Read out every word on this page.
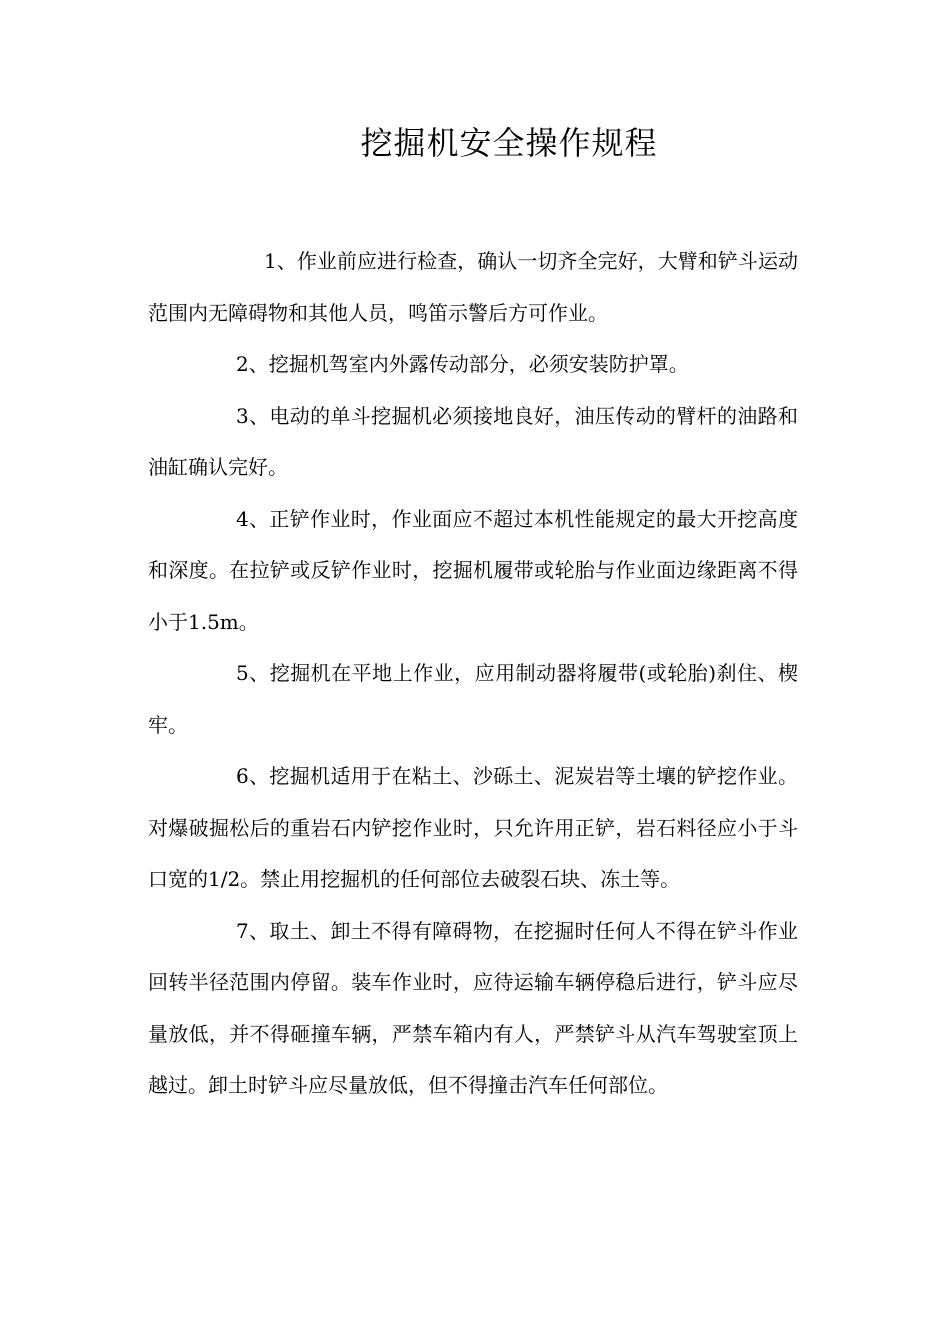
挖掘机安全操作规程

1、作业前应进行检查，确认一切齐全完好，大臂和铲斗运动范围内无障碍物和其他人员，鸣笛示警后方可作业。

2、挖掘机驾室内外露传动部分，必须安装防护罩。

3、电动的单斗挖掘机必须接地良好，油压传动的臂杆的油路和油缸确认完好。

4、正铲作业时，作业面应不超过本机性能规定的最大开挖高度和深度。在拉铲或反铲作业时，挖掘机履带或轮胎与作业面边缘距离不得小于1.5m。

5、挖掘机在平地上作业，应用制动器将履带(或轮胎)刹住、楔牢。

6、挖掘机适用于在粘土、沙砾土、泥炭岩等土壤的铲挖作业。对爆破掘松后的重岩石内铲挖作业时，只允许用正铲，岩石料径应小于斗口宽的1/2。禁止用挖掘机的任何部位去破裂石块、冻土等。

7、取土、卸土不得有障碍物，在挖掘时任何人不得在铲斗作业回转半径范围内停留。装车作业时，应待运输车辆停稳后进行，铲斗应尽量放低，并不得砸撞车辆，严禁车箱内有人，严禁铲斗从汽车驾驶室顶上越过。卸土时铲斗应尽量放低，但不得撞击汽车任何部位。
